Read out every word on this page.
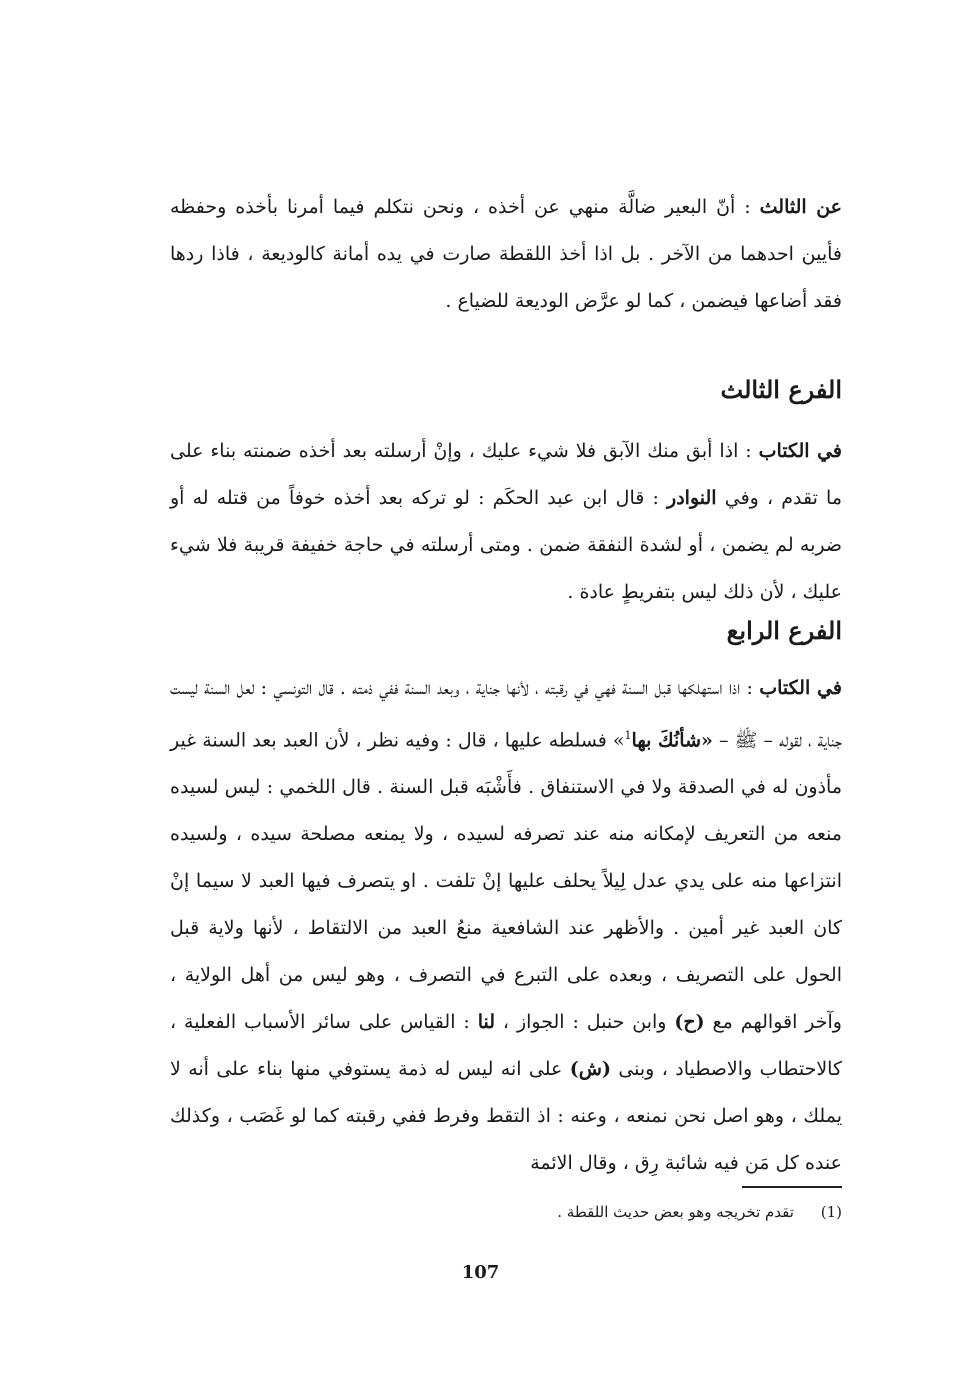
عن الثالث : أنّ البعير ضالَّة منهي عن أخذه ، ونحن نتكلم فيما أمرنا بأخذه وحفظه فأيين احدهما من الآخر . بل اذا أخذ اللقطة صارت في يده أمانة كالوديعة ، فاذا ردها فقد أضاعها فيضمن ، كما لو عرَّض الوديعة للضياع .

الفرع الثالث

في الكتاب : اذا أبق منك الآبق فلا شيء عليك ، وإنْ أرسلته بعد أخذه ضمنته بناء على ما تقدم ، وفي النوادر : قال ابن عبد الحكَم : لو تركه بعد أخذه خوفاً من قتله له أو ضربه لم يضمن ، أو لشدة النفقة ضمن . ومتى أرسلته في حاجة خفيفة قريبة فلا شيء عليك ، لأن ذلك ليس بتفريطٍ عادة .

الفرع الرابع

في الكتاب : اذا استهلكها قبل السنة فهي في رقبته ، لأنها جناية ، وبعد السنة ففي ذمته . قال التونسي : لعل السنة ليست جناية ، لقوله – ﷺ – «شأنُكَ بها$^1$» فسلطه عليها ، قال : وفيه نظر ، لأن العبد بعد السنة غير مأذون له في الصدقة ولا في الاستنفاق . فأَشْبَه قبل السنة . قال اللخمي : ليس لسيده منعه من التعريف لإمكانه منه عند تصرفه لسيده ، ولا يمنعه مصلحة سيده ، ولسيده انتزاعها منه على يدي عدل لِيلاً يحلف عليها إنْ تلفت . او يتصرف فيها العبد لا سيما إنْ كان العبد غير أمين . والأظهر عند الشافعية منعُ العبد من الالتقاط ، لأنها ولاية قبل الحول على التصريف ، وبعده على التبرع في التصرف ، وهو ليس من أهل الولاية ، وآخر اقوالهم مع (ح) وابن حنبل : الجواز ، لنا : القياس على سائر الأسباب الفعلية ، كالاحتطاب والاصطياد ، وبنى (ش) على انه ليس له ذمة يستوفي منها بناء على أنه لا يملك ، وهو اصل نحن نمنعه ، وعنه : اذ التقط وفرط ففي رقبته كما لو غَصَب ، وكذلك عنده كل مَن فيه شائبة رِق ، وقال الائمة

(1) تقدم تخريجه وهو بعض حديث اللقطة .

107
